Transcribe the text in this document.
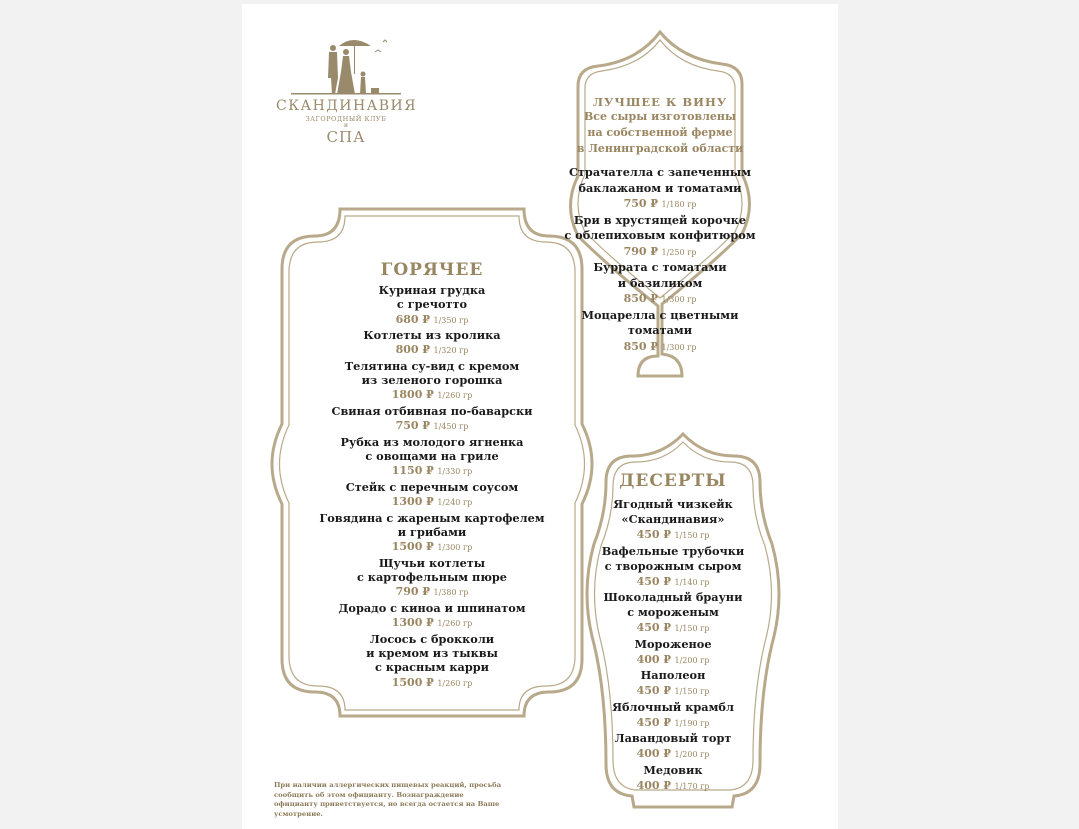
СКАНДИНАВИЯ
ЗАГОРОДНЫЙ КЛУБ
и
СПА
ГОРЯЧЕЕ
Куриная грудка
с гречотто
680 ₽ 1/350 гр
Котлеты из кролика
800 ₽ 1/320 гр
Телятина су-вид с кремом
из зеленого горошка
1800 ₽ 1/260 гр
Свиная отбивная по-баварски
750 ₽ 1/450 гр
Рубка из молодого ягненка
с овощами на гриле
1150 ₽ 1/330 гр
Стейк с перечным соусом
1300 ₽ 1/240 гр
Говядина с жареным картофелем
и грибами
1500 ₽ 1/300 гр
Щучьи котлеты
с картофельным пюре
790 ₽ 1/380 гр
Дорадо с киноа и шпинатом
1300 ₽ 1/260 гр
Лосось с брокколи
и кремом из тыквы
с красным карри
1500 ₽ 1/260 гр
ЛУЧШЕЕ К ВИНУ
Все сыры изготовлены
на собственной ферме
в Ленинградской области
Страчателла с запеченным
баклажаном и томатами
750 ₽ 1/180 гр
Бри в хрустящей корочке
с облепиховым конфитюром
790 ₽ 1/250 гр
Буррата с томатами
и базиликом
850 ₽ 1/300 гр
Моцарелла с цветными
томатами
850 ₽ 1/300 гр
ДЕСЕРТЫ
Ягодный чизкейк
«Скандинавия»
450 ₽ 1/150 гр
Вафельные трубочки
с творожным сыром
450 ₽ 1/140 гр
Шоколадный брауни
с мороженым
450 ₽ 1/150 гр
Мороженое
400 ₽ 1/200 гр
Наполеон
450 ₽ 1/150 гр
Яблочный крамбл
450 ₽ 1/190 гр
Лавандовый торт
400 ₽ 1/200 гр
Медовик
400 ₽ 1/170 гр
При наличии аллергических пищевых реакций, просьба сообщить об этом официанту. Вознаграждение официанту приветствуется, но всегда остается на Ваше усмотрение.
